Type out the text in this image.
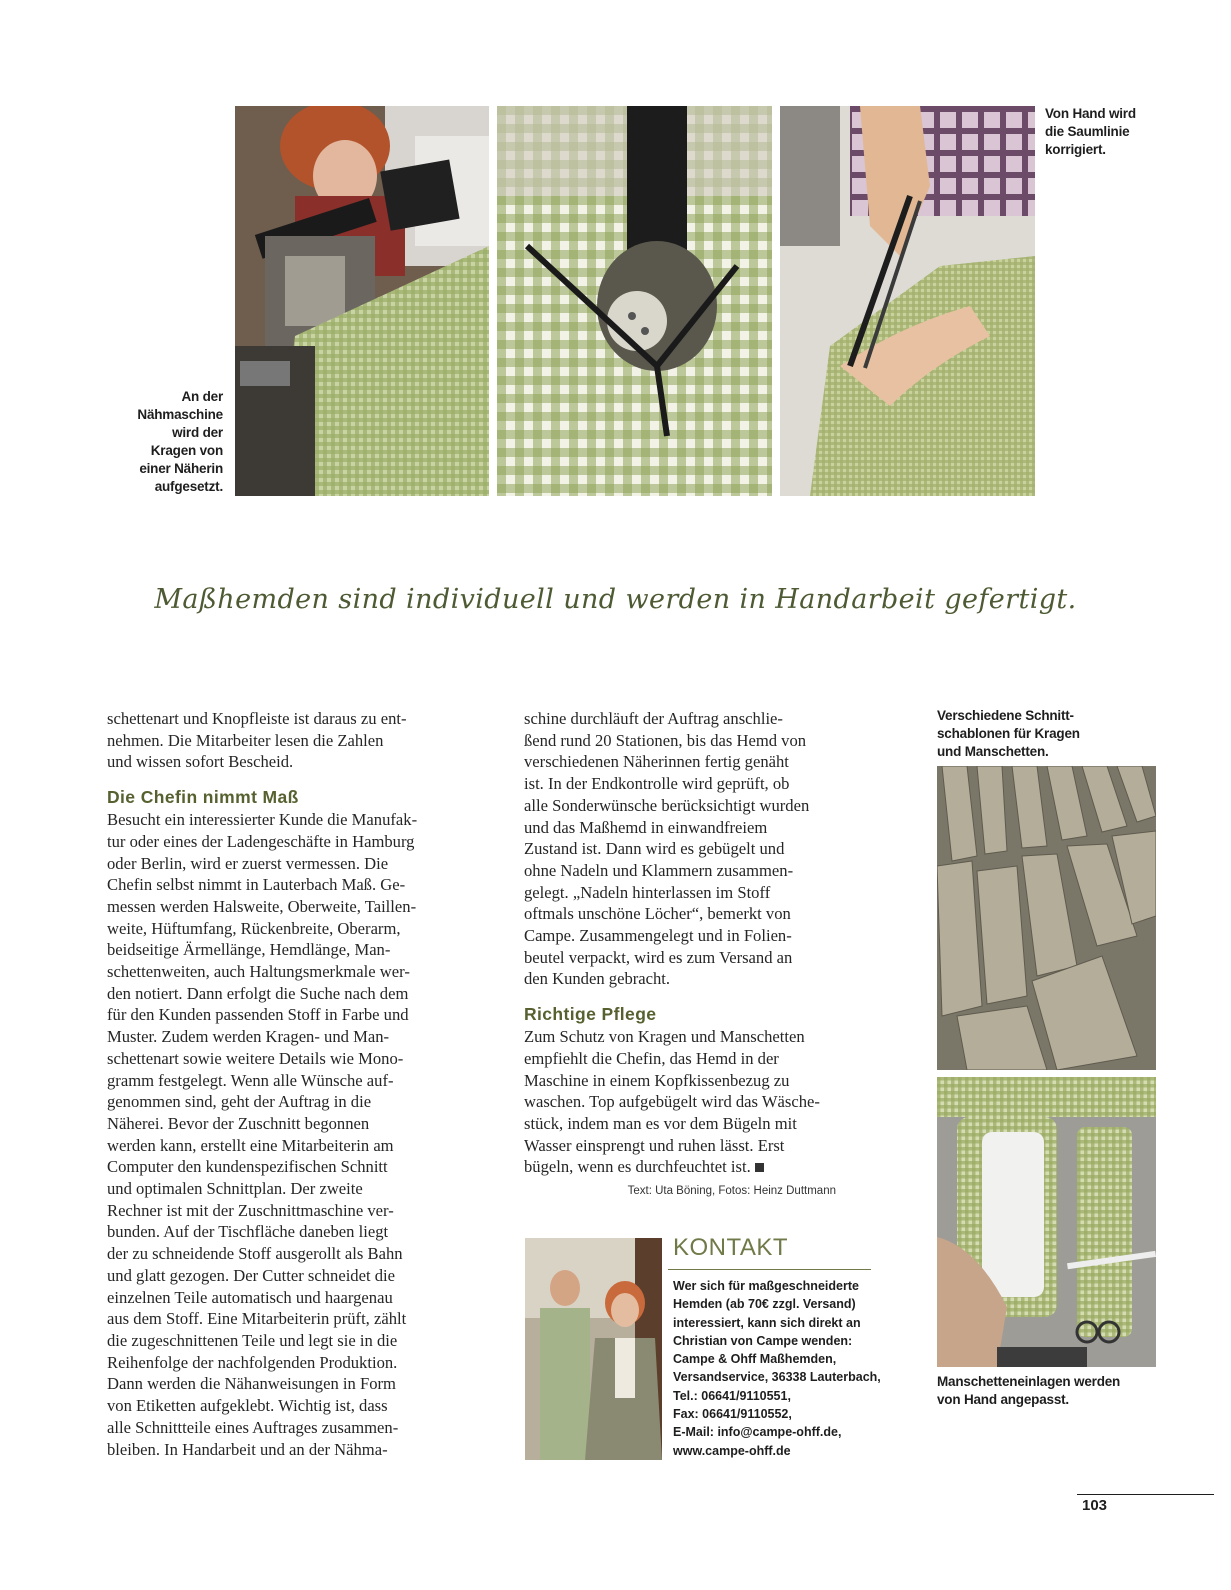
An der
Nähmaschine
wird der
Kragen von
einer Näherin
aufgesetzt.
Von Hand wird
die Saumlinie
korrigiert.
Maßhemden sind individuell und werden in Handarbeit gefertigt.
schettenart und Knopfleiste ist daraus zu ent-
nehmen. Die Mitarbeiter lesen die Zahlen
und wissen sofort Bescheid.
Die Chefin nimmt Maß
Besucht ein interessierter Kunde die Manufak-
tur oder eines der Ladengeschäfte in Hamburg
oder Berlin, wird er zuerst vermessen. Die
Chefin selbst nimmt in Lauterbach Maß. Ge-
messen werden Halsweite, Oberweite, Taillen-
weite, Hüftumfang, Rückenbreite, Oberarm,
beidseitige Ärmellänge, Hemdlänge, Man-
schettenweiten, auch Haltungsmerkmale wer-
den notiert. Dann erfolgt die Suche nach dem
für den Kunden passenden Stoff in Farbe und
Muster. Zudem werden Kragen- und Man-
schettenart sowie weitere Details wie Mono-
gramm festgelegt. Wenn alle Wünsche auf-
genommen sind, geht der Auftrag in die
Näherei. Bevor der Zuschnitt begonnen
werden kann, erstellt eine Mitarbeiterin am
Computer den kundenspezifischen Schnitt
und optimalen Schnittplan. Der zweite
Rechner ist mit der Zuschnittmaschine ver-
bunden. Auf der Tischfläche daneben liegt
der zu schneidende Stoff ausgerollt als Bahn
und glatt gezogen. Der Cutter schneidet die
einzelnen Teile automatisch und haargenau
aus dem Stoff. Eine Mitarbeiterin prüft, zählt
die zugeschnittenen Teile und legt sie in die
Reihenfolge der nachfolgenden Produktion.
Dann werden die Nähanweisungen in Form
von Etiketten aufgeklebt. Wichtig ist, dass
alle Schnittteile eines Auftrages zusammen-
bleiben. In Handarbeit und an der Nähma-
schine durchläuft der Auftrag anschlie-
ßend rund 20 Stationen, bis das Hemd von
verschiedenen Näherinnen fertig genäht
ist. In der Endkontrolle wird geprüft, ob
alle Sonderwünsche berücksichtigt wurden
und das Maßhemd in einwandfreiem
Zustand ist. Dann wird es gebügelt und
ohne Nadeln und Klammern zusammen-
gelegt. „Nadeln hinterlassen im Stoff
oftmals unschöne Löcher“, bemerkt von
Campe. Zusammengelegt und in Folien-
beutel verpackt, wird es zum Versand an
den Kunden gebracht.
Richtige Pflege
Zum Schutz von Kragen und Manschetten
empfiehlt die Chefin, das Hemd in der
Maschine in einem Kopfkissenbezug zu
waschen. Top aufgebügelt wird das Wäsche-
stück, indem man es vor dem Bügeln mit
Wasser einsprengt und ruhen lässt. Erst
bügeln, wenn es durchfeuchtet ist.
Text: Uta Böning, Fotos: Heinz Duttmann
KONTAKT
Wer sich für maßgeschneiderte
Hemden (ab 70€ zzgl. Versand)
interessiert, kann sich direkt an
Christian von Campe wenden:
Campe & Ohff Maßhemden,
Versandservice, 36338 Lauterbach,
Tel.: 06641/9110551,
Fax: 06641/9110552,
E-Mail: info@campe-ohff.de,
www.campe-ohff.de
Verschiedene Schnitt-
schablonen für Kragen
und Manschetten.
Manschetteneinlagen werden
von Hand angepasst.
103
